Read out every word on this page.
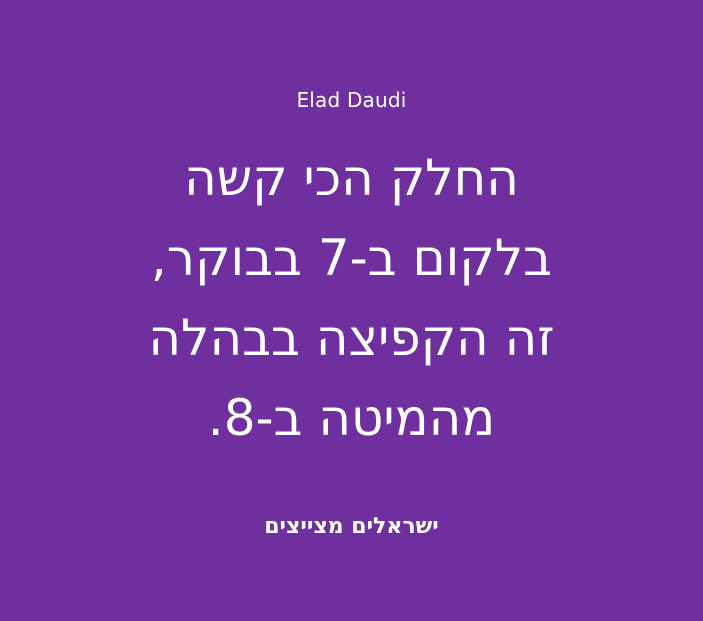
Elad Daudi
החלק הכי קשה
בלקום ב-7 בבוקר,
זה הקפיצה בבהלה
מהמיטה ב-8.
ישראלים מצייצים
